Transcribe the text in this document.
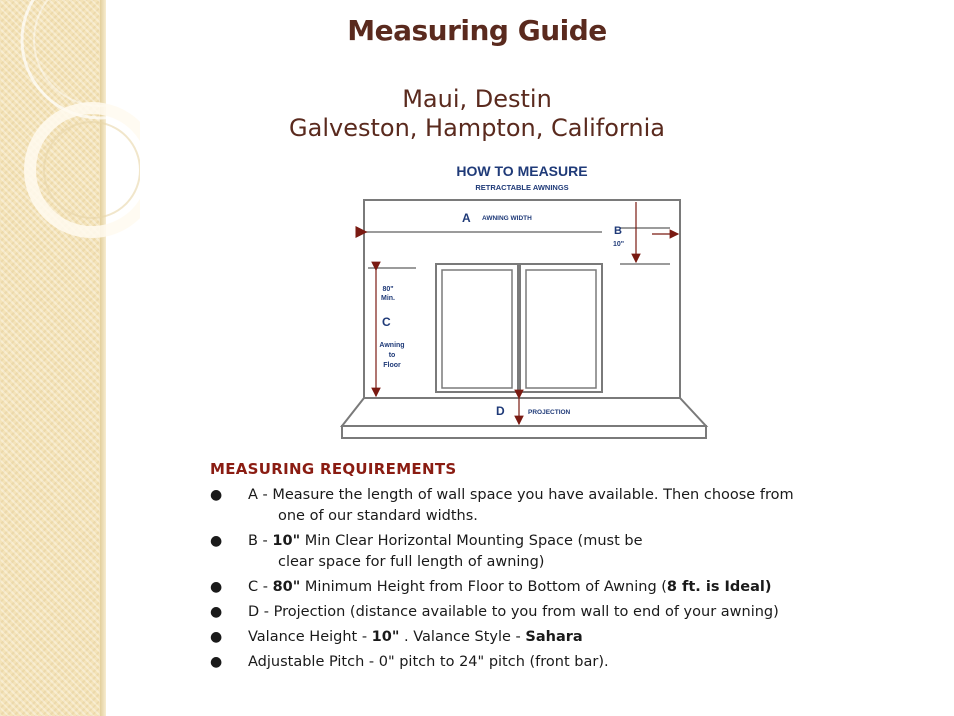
Measuring Guide
Maui, Destin
Galveston, Hampton, California
HOW TO MEASURE
RETRACTABLE AWNINGS
A AWNING WIDTH
B
10"
80"
Min.
C
Awning
to
Floor
D	PROJECTION
MEASURING REQUIREMENTS
● A - Measure the length of wall space you have available. Then choose from
one of our standard widths.
● B - 10" Min Clear Horizontal Mounting Space (must be
clear space for full length of awning)
● C - 80" Minimum Height from Floor to Bottom of Awning (8 ft. is Ideal)
● D - Projection (distance available to you from wall to end of your awning)
● Valance Height - 10" . Valance Style - Sahara
● Adjustable Pitch - 0" pitch to 24" pitch (front bar).
